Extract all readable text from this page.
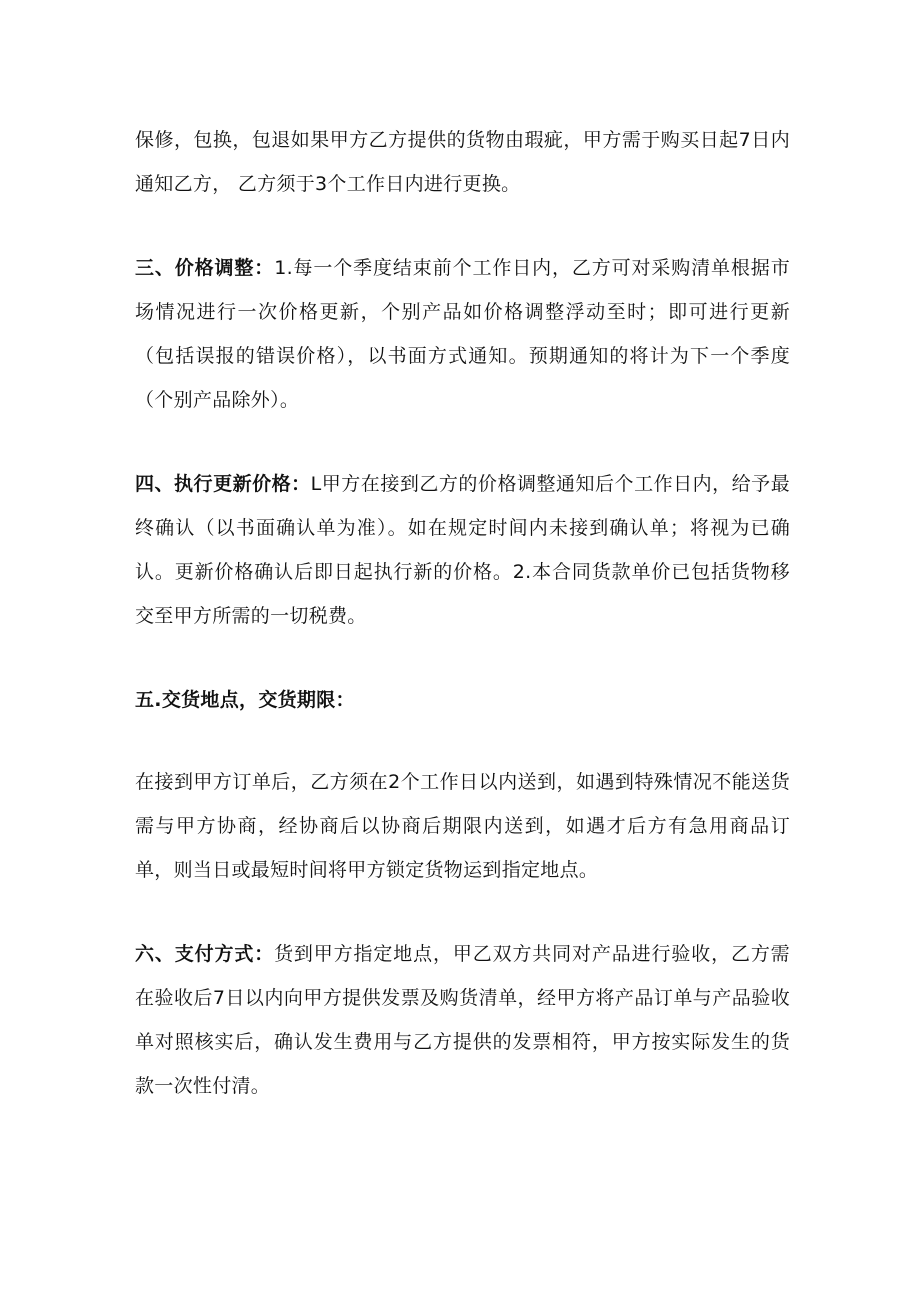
保修，包换，包退如果甲方乙方提供的货物由瑕疵，甲方需于购买日起7日内通知乙方， 乙方须于3个工作日内进行更换。

三、价格调整：1.每一个季度结束前个工作日内，乙方可对采购清单根据市场情况进行一次价格更新，个别产品如价格调整浮动至时；即可进行更新（包括误报的错误价格），以书面方式通知。预期通知的将计为下一个季度（个别产品除外）。

四、执行更新价格：L甲方在接到乙方的价格调整通知后个工作日内，给予最终确认（以书面确认单为准）。如在规定时间内未接到确认单；将视为已确认。更新价格确认后即日起执行新的价格。2.本合同货款单价已包括货物移交至甲方所需的一切税费。

五.交货地点，交货期限：

在接到甲方订单后，乙方须在2个工作日以内送到，如遇到特殊情况不能送货需与甲方协商，经协商后以协商后期限内送到，如遇才后方有急用商品订单，则当日或最短时间将甲方锁定货物运到指定地点。

六、支付方式：货到甲方指定地点，甲乙双方共同对产品进行验收，乙方需在验收后7日以内向甲方提供发票及购货清单，经甲方将产品订单与产品验收单对照核实后，确认发生费用与乙方提供的发票相符，甲方按实际发生的货款一次性付清。
